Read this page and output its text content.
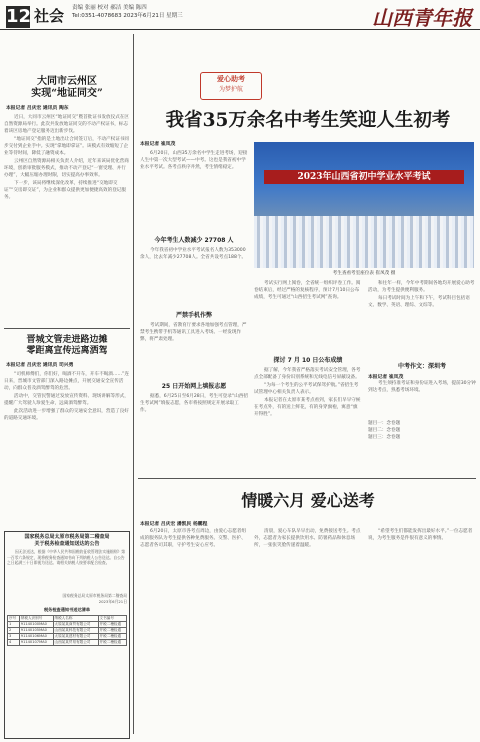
12 社会 责编 张丽 校对 郝洁 美编 陈四
Tel:0351-4078683 2023年6月21日 星期三	山西青年报
大同市云州区
实现“地证同交”
本报记者 吕庆宏 通讯员 陶东

近日，大同市云州区“地证同交”暨首批证书发放仪式在区自然资源局举行。此次共发放地证同交的不动产权证书，标志着该区房地产登记服务迈出新步伐。

“地证同交”指的是土地出让合同签订后，不动产权证书同步交付到企业手中。实现“拿地即拿证”。该模式有效缩短了企业等待时间，降低了融资成本。

云州区自然资源局相关负责人介绍，近年来该局优化营商环境，创新审批服务模式，推动不动产登记“一窗受理、并行办理”，大幅压缩办理时限，切实提高办事效率。

下一步，该局将继续深化改革，持续推进“交地即交证”“交房即交证”，为企业和群众提供更加便捷高效的登记服务。

晋城文管走进路边摊
零距离宣传远离洒驾
本报记者 吕庆宏 通讯员 司兴勇

“司机师傅们，你们好，喝酒不开车，开车不喝酒……”连日来，晋城市文管部门深入路边摊点，开展交通安全宣传活动，向群众普及酒驾醉驾的危害。

活动中，交管民警通过发放宣传资料、现场讲解等形式，提醒广大驾驶人珍爱生命，远离酒驾醉驾。

此次活动进一步增强了群众的交通安全意识，营造了良好的道路交通环境。

国家税务总局太原市税务局第二稽查局
关于税务检查通知送达的公告
因无法送达，根据《中华人民共和国税收征收管理法实施细则》第一百零六条规定，现将税务检查通知书向下列纳税人公告送达。自公告之日起满三十日即视为送达。请相关纳税人按要求配合检查。
国家税务总局太原市税务局第二稽查局
2023年6月21日
税务检查通知书送达清单
序号	纳税人识别号	纳税人名称	文书编号
1	91140100MA0	太原某某商贸有限公司	并税二稽检通
2	91140105MA0	山西某某科技有限公司	并税二稽检通
3	91140106MA0	太原某某建材有限公司	并税二稽检通
4	91140107MA0	山西某某贸易有限公司	并税二稽检通
爱心助考
为梦护航
我省35万余名中考生笑迎人生初考
本报记者 崔凤茂

6月20日，山西35万余名中学生走进考场，迎接人生中第一次大型考试——中考。这也是我省初中学业水平考试。各考点秩序井然，考生情绪稳定。

今年考生人数减少 27708 人

今年我省初中学业水平考试报名人数为353000余人，比去年减少27708人。全省共设考点188个。

严禁手机作弊

考试期间，省教育厅要求各地加强考点管理，严禁考生携带手机等通讯工具进入考场。一经发现作弊，将严肃处理。

25 日开始网上填报志愿

据悉，6月25日至6月28日，考生可登录“山西招生考试网”填报志愿，各市将按照规定开展录取工作。

2023年山西省初中学业水平考试
考生查看考室座位表 崔凤茂 摄

考试实行网上阅卷，全省统一组织评卷工作。阅卷结束后，经过严格的复核程序，预计7月10日公布成绩，考生可通过“山西招生考试网”查询。

探讨 7 月 10 日公布成绩

据了解，今年我省严格落实考试安全管理，各考点全部配备了身份识别系统和无线电信号屏蔽设备。

“为每一个考生的公平考试保驾护航。”省招生考试管理中心相关负责人表示。

本报记者在太原市某考点看到，家长们早早守候在考点外，有的送上鲜花，有的身穿旗袍，寓意“旗开得胜”。

和往年一样，今年中考期间各地均开展爱心助考活动，为考生提供便利服务。

每日考试时间为上午和下午，考试科目包括语文、数学、英语、理综、文综等。

中考作文：深圳考
本报记者 崔凤茂

考生须持准考证和身份证进入考场，提前30分钟到达考点，熟悉考场环境。

题目一：念卷题
题目二：念卷题
题目三：念卷题
情暖六月 爱心送考
本报记者 吕庆宏 潘凯民 杨鹏程

6月20日，太原市各考点周边，由爱心志愿者组成的服务队为考生提供各种免费服务。交警、医护、志愿者各司其职，守护考生安心应考。

清晨，爱心车队早早出动，免费接送考生。考点外，志愿者为家长提供饮用水、防暑药品和休息场所，一张张笑脸传递着温暖。

“希望考生们都能发挥出最好水平。”一位志愿者说，为考生服务是件很有意义的事情。
